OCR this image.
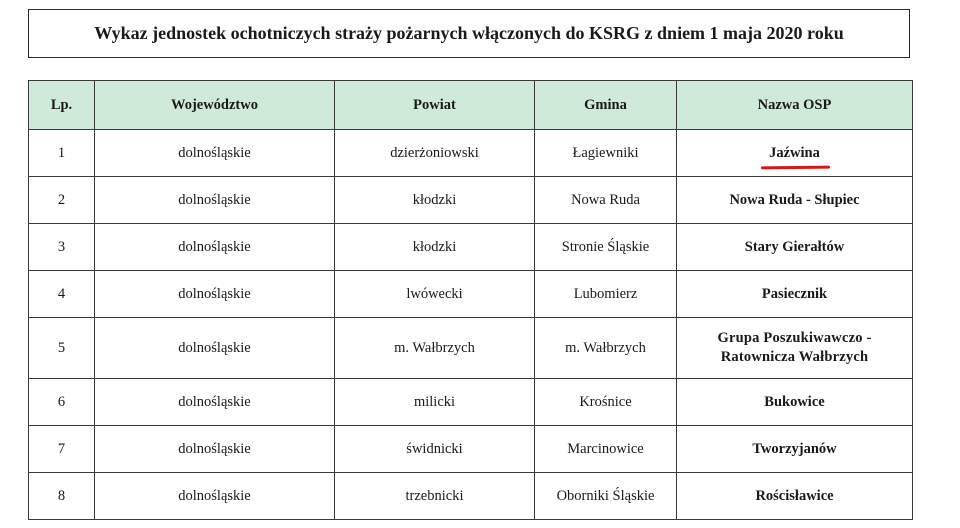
Wykaz jednostek ochotniczych straży pożarnych włączonych do KSRG z dniem 1 maja 2020 roku
Lp.	Województwo	Powiat	Gmina	Nazwa OSP
1	dolnośląskie	dzierżoniowski	Łagiewniki	Jaźwina

2	dolnośląskie	kłodzki	Nowa Ruda	Nowa Ruda - Słupiec
3	dolnośląskie	kłodzki	Stronie Śląskie	Stary Gierałtów
4	dolnośląskie	lwówecki	Lubomierz	Pasiecznik
5	dolnośląskie	m. Wałbrzych	m. Wałbrzych	Grupa Poszukiwawczo - Ratownicza Wałbrzych
6	dolnośląskie	milicki	Krośnice	Bukowice
7	dolnośląskie	świdnicki	Marcinowice	Tworzyjanów
8	dolnośląskie	trzebnicki	Oborniki Śląskie	Rościsławice
